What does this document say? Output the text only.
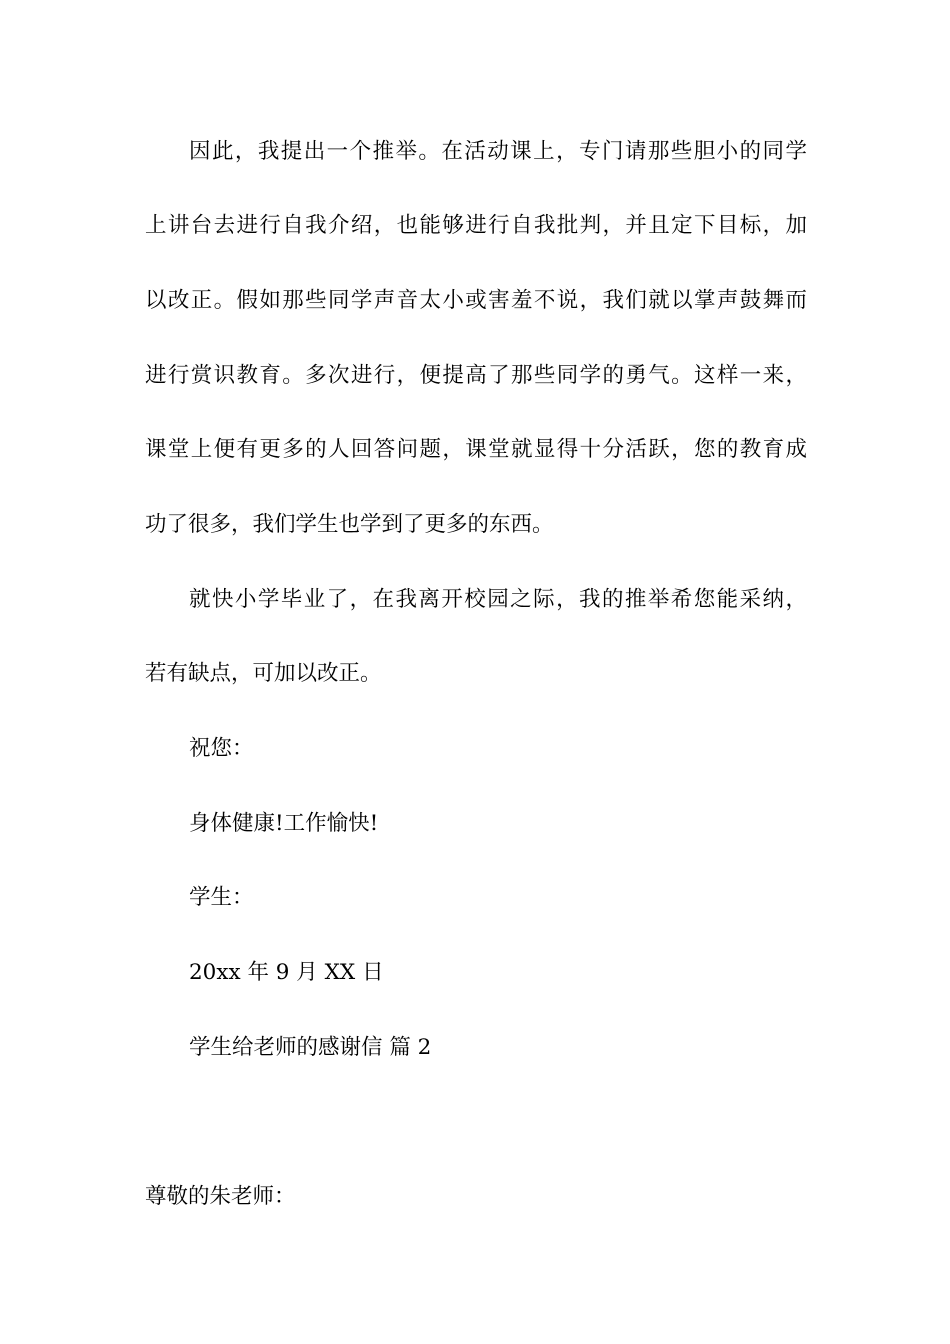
因此，我提出一个推举。在活动课上，专门请那些胆小的同学
上讲台去进行自我介绍，也能够进行自我批判，并且定下目标，加
以改正。假如那些同学声音太小或害羞不说，我们就以掌声鼓舞而
进行赏识教育。多次进行，便提高了那些同学的勇气。这样一来，
课堂上便有更多的人回答问题，课堂就显得十分活跃，您的教育成
功了很多，我们学生也学到了更多的东西。
就快小学毕业了，在我离开校园之际，我的推举希您能采纳，
若有缺点，可加以改正。
祝您：
身体健康!工作愉快!
学生：
20xx 年 9 月 XX 日
学生给老师的感谢信 篇 2
尊敬的朱老师：
